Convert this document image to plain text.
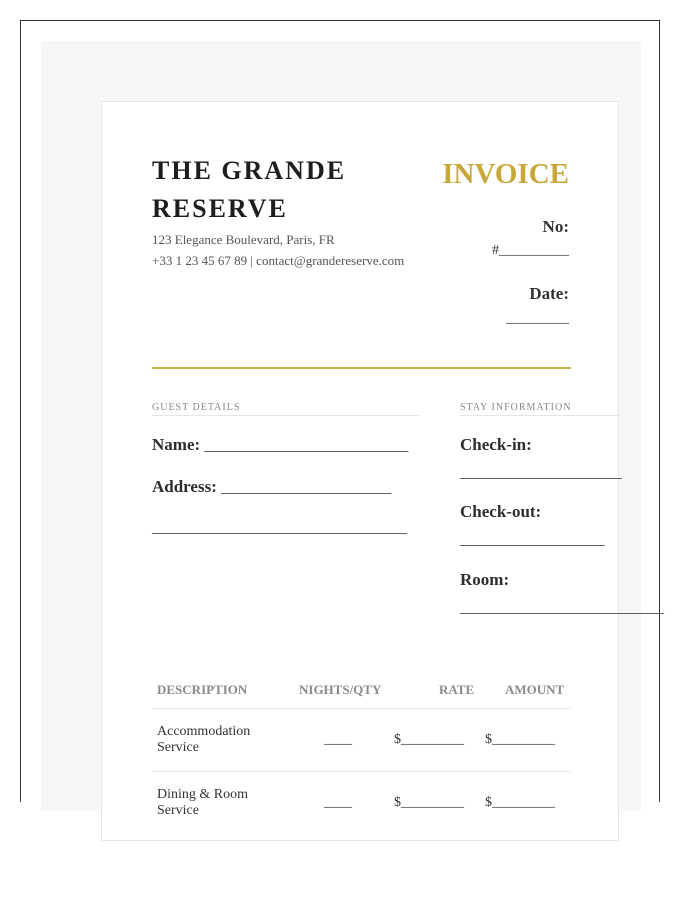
THE GRANDE RESERVE
123 Elegance Boulevard, Paris, FR
+33 1 23 45 67 89 | contact@grandereserve.com
INVOICE
No:
#__________
Date:
_________
GUEST DETAILS
Name: ________________________
Address: ____________________
______________________________
STAY INFORMATION
Check-in:
___________________
Check-out:
_________________
Room:
________________________
DESCRIPTION	NIGHTS/QTY	RATE AMOUNT
Accommodation
Service
____	$_________ $_________
Dining & Room
Service
____	$_________ $_________
